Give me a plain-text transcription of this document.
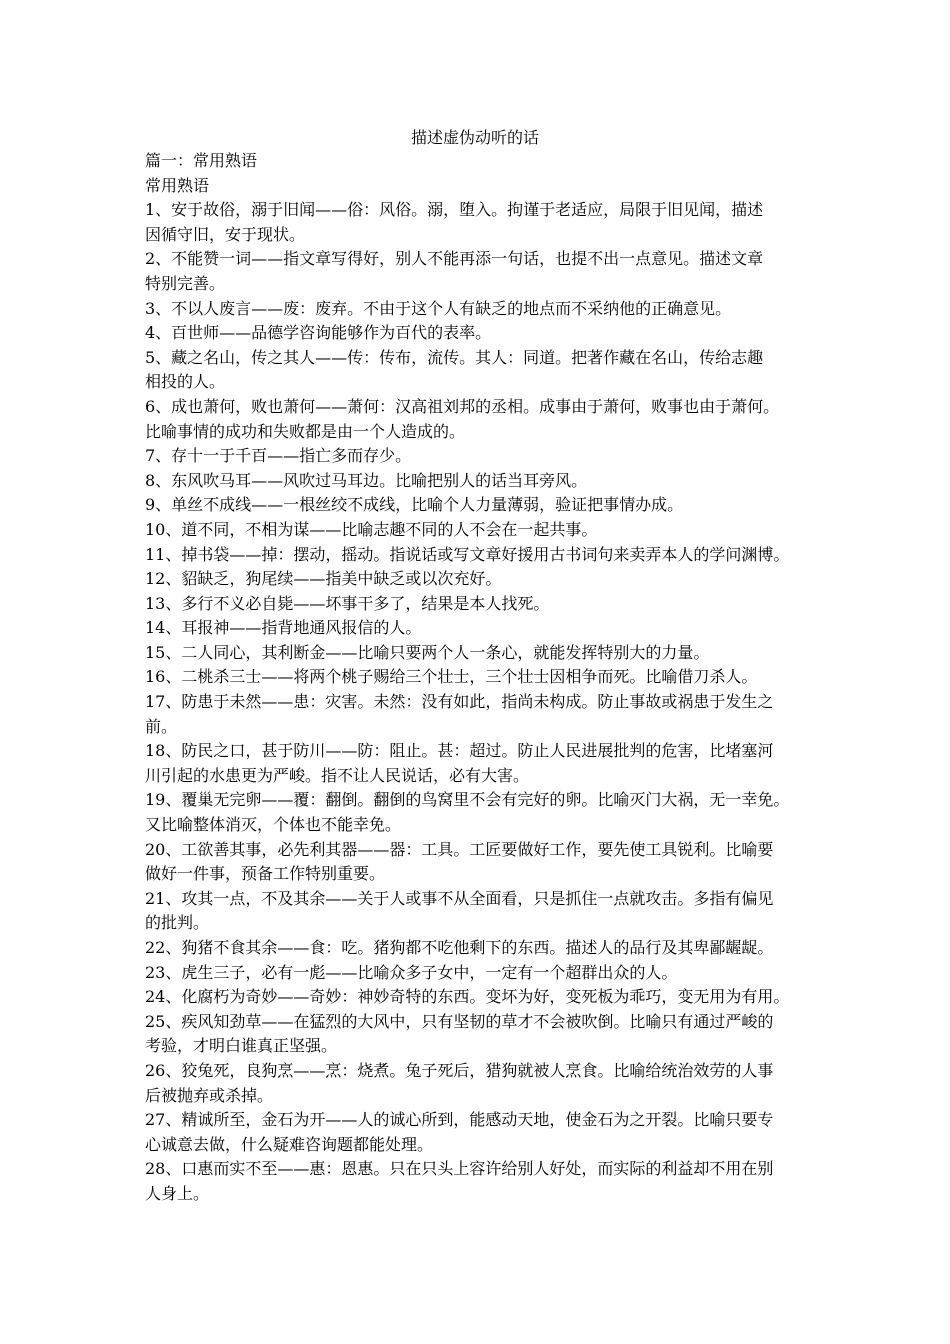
描述虚伪动听的话
篇一：常用熟语
常用熟语
1、安于故俗，溺于旧闻——俗：风俗。溺，堕入。拘谨于老适应，局限于旧见闻，描述
因循守旧，安于现状。
2、不能赞一词——指文章写得好，别人不能再添一句话，也提不出一点意见。描述文章
特别完善。
3、不以人废言——废：废弃。不由于这个人有缺乏的地点而不采纳他的正确意见。
4、百世师——品德学咨询能够作为百代的表率。
5、藏之名山，传之其人——传：传布，流传。其人：同道。把著作藏在名山，传给志趣
相投的人。
6、成也萧何，败也萧何——萧何：汉高祖刘邦的丞相。成事由于萧何，败事也由于萧何。
比喻事情的成功和失败都是由一个人造成的。
7、存十一于千百——指亡多而存少。
8、东风吹马耳——风吹过马耳边。比喻把别人的话当耳旁风。
9、单丝不成线——一根丝绞不成线，比喻个人力量薄弱，验证把事情办成。
10、道不同，不相为谋——比喻志趣不同的人不会在一起共事。
11、掉书袋——掉：摆动，摇动。指说话或写文章好援用古书词句来卖弄本人的学问渊博。
12、貂缺乏，狗尾续——指美中缺乏或以次充好。
13、多行不义必自毙——坏事干多了，结果是本人找死。
14、耳报神——指背地通风报信的人。
15、二人同心，其利断金——比喻只要两个人一条心，就能发挥特别大的力量。
16、二桃杀三士——将两个桃子赐给三个壮士，三个壮士因相争而死。比喻借刀杀人。
17、防患于未然——患：灾害。未然：没有如此，指尚未构成。防止事故或祸患于发生之
前。
18、防民之口，甚于防川——防：阻止。甚：超过。防止人民进展批判的危害，比堵塞河
川引起的水患更为严峻。指不让人民说话，必有大害。
19、覆巢无完卵——覆：翻倒。翻倒的鸟窝里不会有完好的卵。比喻灭门大祸，无一幸免。
又比喻整体消灭，个体也不能幸免。
20、工欲善其事，必先利其器——器：工具。工匠要做好工作，要先使工具锐利。比喻要
做好一件事，预备工作特别重要。
21、攻其一点，不及其余——关于人或事不从全面看，只是抓住一点就攻击。多指有偏见
的批判。
22、狗猪不食其余——食：吃。猪狗都不吃他剩下的东西。描述人的品行及其卑鄙龌龊。
23、虎生三子，必有一彪——比喻众多子女中，一定有一个超群出众的人。
24、化腐朽为奇妙——奇妙：神妙奇特的东西。变坏为好，变死板为乖巧，变无用为有用。
25、疾风知劲草——在猛烈的大风中，只有坚韧的草才不会被吹倒。比喻只有通过严峻的
考验，才明白谁真正坚强。
26、狡兔死，良狗烹——烹：烧煮。兔子死后，猎狗就被人烹食。比喻给统治效劳的人事
后被抛弃或杀掉。
27、精诚所至，金石为开——人的诚心所到，能感动天地，使金石为之开裂。比喻只要专
心诚意去做，什么疑难咨询题都能处理。
28、口惠而实不至——惠：恩惠。只在只头上容许给别人好处，而实际的利益却不用在别
人身上。
